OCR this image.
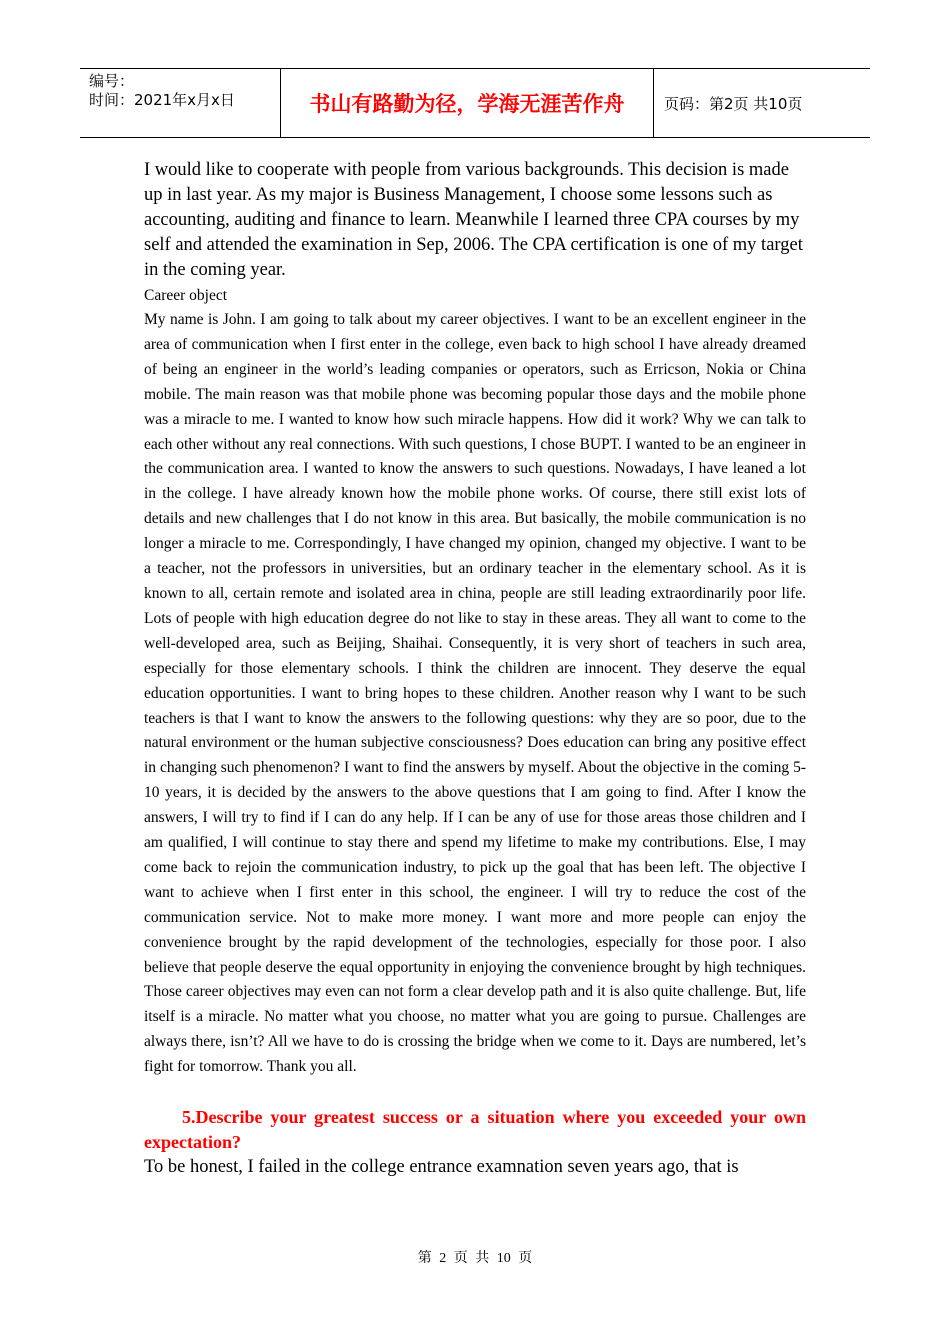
编号：
时间：2021年x月x日	书山有路勤为径，学海无涯苦作舟	页码：第2页 共10页

I would like to cooperate with people from various backgrounds. This decision is made up in last year. As my major is Business Management, I choose some lessons such as accounting, auditing and finance to learn. Meanwhile I learned three CPA courses by my self and attended the examination in Sep, 2006. The CPA certification is one of my target in the coming year.

Career object

My name is John. I am going to talk about my career objectives. I want to be an excellent engineer in the area of communication when I first enter in the college, even back to high school I have already dreamed of being an engineer in the world’s leading companies or operators, such as Erricson, Nokia or China mobile. The main reason was that mobile phone was becoming popular those days and the mobile phone was a miracle to me. I wanted to know how such miracle happens. How did it work? Why we can talk to each other without any real connections. With such questions, I chose BUPT. I wanted to be an engineer in the communication area. I wanted to know the answers to such questions. Nowadays, I have leaned a lot in the college. I have already known how the mobile phone works. Of course, there still exist lots of details and new challenges that I do not know in this area. But basically, the mobile communication is no longer a miracle to me. Correspondingly, I have changed my opinion, changed my objective. I want to be a teacher, not the professors in universities, but an ordinary teacher in the elementary school. As it is known to all, certain remote and isolated area in china, people are still leading extraordinarily poor life. Lots of people with high education degree do not like to stay in these areas. They all want to come to the well-developed area, such as Beijing, Shaihai. Consequently, it is very short of teachers in such area, especially for those elementary schools. I think the children are innocent. They deserve the equal education opportunities. I want to bring hopes to these children. Another reason why I want to be such teachers is that I want to know the answers to the following questions: why they are so poor, due to the natural environment or the human subjective consciousness? Does education can bring any positive effect in changing such phenomenon? I want to find the answers by myself. About the objective in the coming 5-10 years, it is decided by the answers to the above questions that I am going to find. After I know the answers, I will try to find if I can do any help. If I can be any of use for those areas those children and I am qualified, I will continue to stay there and spend my lifetime to make my contributions. Else, I may come back to rejoin the communication industry, to pick up the goal that has been left. The objective I want to achieve when I first enter in this school, the engineer. I will try to reduce the cost of the communication service. Not to make more money. I want more and more people can enjoy the convenience brought by the rapid development of the technologies, especially for those poor. I also believe that people deserve the equal opportunity in enjoying the convenience brought by high techniques. Those career objectives may even can not form a clear develop path and it is also quite challenge. But, life itself is a miracle. No matter what you choose, no matter what you are going to pursue. Challenges are always there, isn’t? All we have to do is crossing the bridge when we come to it. Days are numbered, let’s fight for tomorrow. Thank you all.

5.Describe your greatest success or a situation where you exceeded your own expectation?

To be honest, I failed in the college entrance examnation seven years ago, that is

第 2 页 共 10 页
